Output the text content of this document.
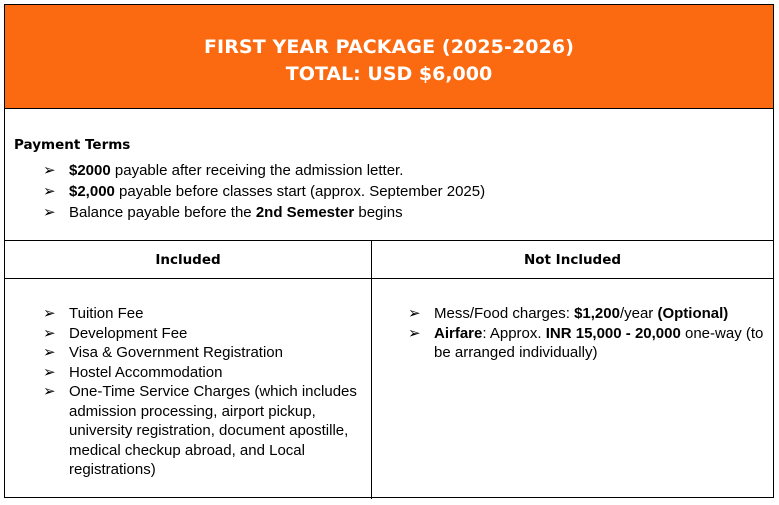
FIRST YEAR PACKAGE (2025-2026)
TOTAL: USD $6,000
Payment Terms
➢ $2000 payable after receiving the admission letter.
➢ $2,000 payable before classes start (approx. September 2025)
➢ Balance payable before the 2nd Semester begins
Included	Not Included
➢ Tuition Fee
➢ Development Fee
➢ Visa & Government Registration
➢ Hostel Accommodation
➢ One-Time Service Charges (which includes admission processing, airport pickup, university registration, document apostille, medical checkup abroad, and Local registrations)
➢ Mess/Food charges: $1,200/year (Optional)
➢ Airfare: Approx. INR 15,000 - 20,000 one-way (to be arranged individually)
